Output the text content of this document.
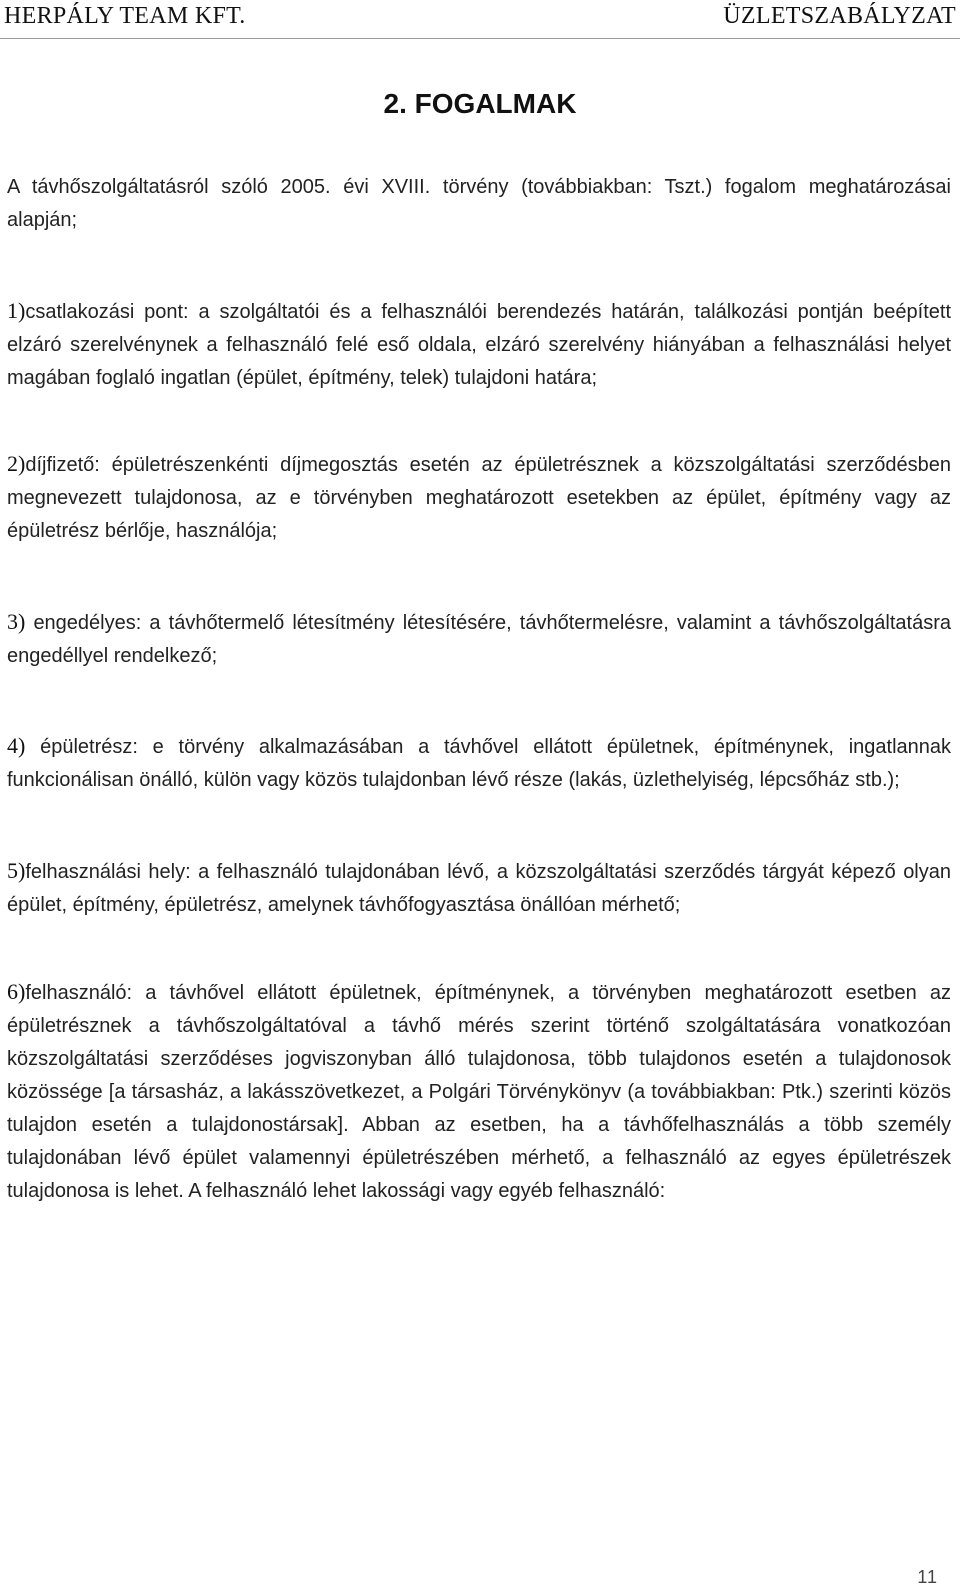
HERPÁLY TEAM KFT.	ÜZLETSZABÁLYZAT
2. FOGALMAK

A távhőszolgáltatásról szóló 2005. évi XVIII. törvény (továbbiakban: Tszt.) fogalom meghatározásai alapján;

1)csatlakozási pont: a szolgáltatói és a felhasználói berendezés határán, találkozási pontján beépített elzáró szerelvénynek a felhasználó felé eső oldala, elzáró szerelvény hiányában a felhasználási helyet magában foglaló ingatlan (épület, építmény, telek) tulajdoni határa;

2)díjfizető: épületrészenkénti díjmegosztás esetén az épületrésznek a közszolgáltatási szerződésben megnevezett tulajdonosa, az e törvényben meghatározott esetekben az épület, építmény vagy az épületrész bérlője, használója;

3) engedélyes: a távhőtermelő létesítmény létesítésére, távhőtermelésre, valamint a távhőszolgáltatásra engedéllyel rendelkező;

4) épületrész: e törvény alkalmazásában a távhővel ellátott épületnek, építménynek, ingatlannak funkcionálisan önálló, külön vagy közös tulajdonban lévő része (lakás, üzlethelyiség, lépcsőház stb.);

5)felhasználási hely: a felhasználó tulajdonában lévő, a közszolgáltatási szerződés tárgyát képező olyan épület, építmény, épületrész, amelynek távhőfogyasztása önállóan mérhető;

6)felhasználó: a távhővel ellátott épületnek, építménynek, a törvényben meghatározott esetben az épületrésznek a távhőszolgáltatóval a távhő mérés szerint történő szolgáltatására vonatkozóan közszolgáltatási szerződéses jogviszonyban álló tulajdonosa, több tulajdonos esetén a tulajdonosok közössége [a társasház, a lakásszövetkezet, a Polgári Törvénykönyv (a továbbiakban: Ptk.) szerinti közös tulajdon esetén a tulajdonostársak]. Abban az esetben, ha a távhőfelhasználás a több személy tulajdonában lévő épület valamennyi épületrészében mérhető, a felhasználó az egyes épületrészek tulajdonosa is lehet. A felhasználó lehet lakossági vagy egyéb felhasználó:

11
